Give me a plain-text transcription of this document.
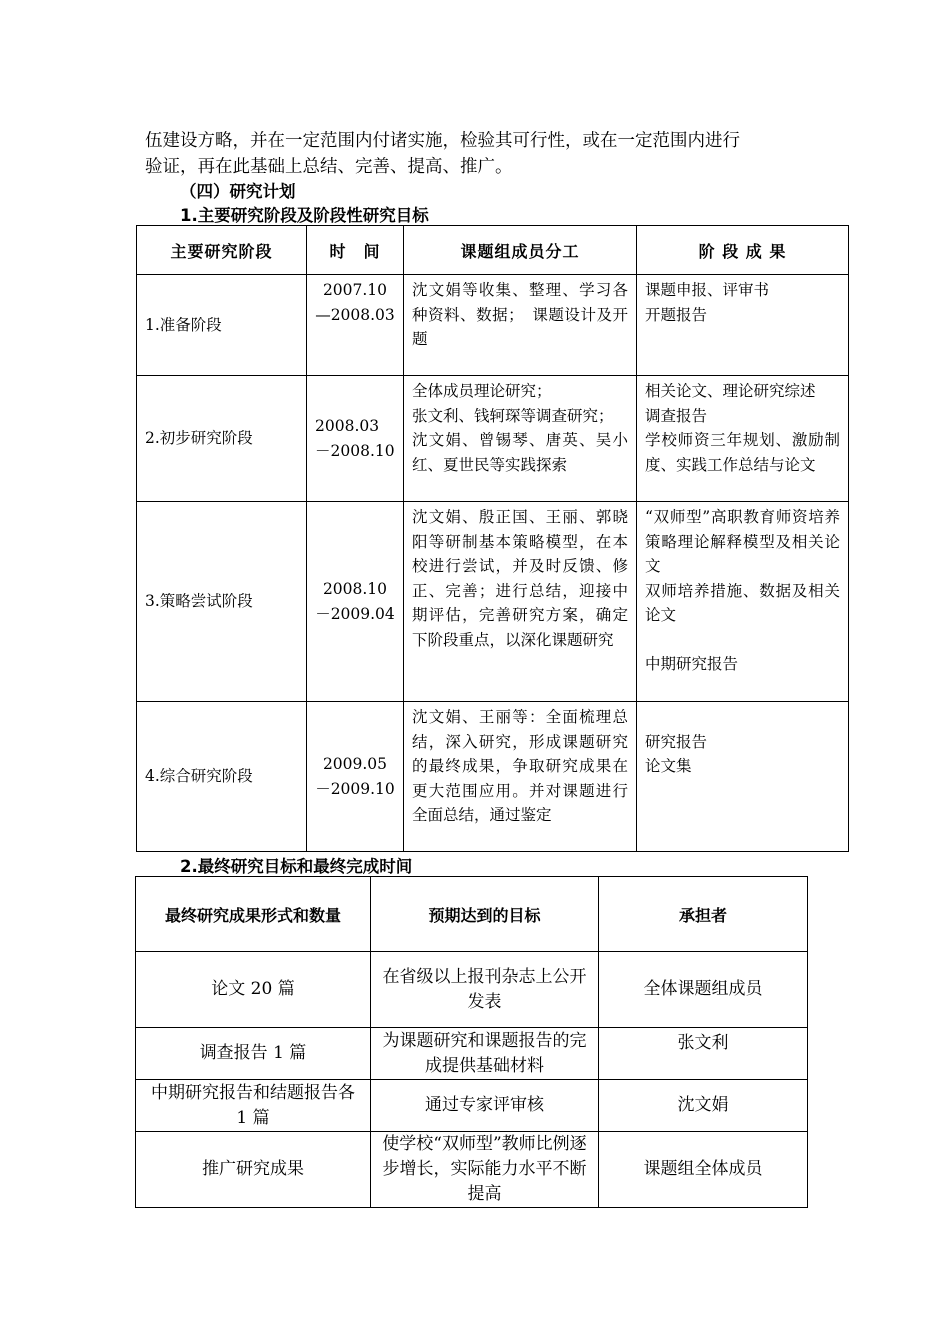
伍建设方略，并在一定范围内付诸实施，检验其可行性，或在一定范围内进行
验证，再在此基础上总结、完善、提高、推广。

（四）研究计划

1.主要研究阶段及阶段性研究目标

主要研究阶段	时　间	课题组成员分工	阶 段 成 果
1.准备阶段	2007.10
—2008.03	沈文娟等收集、整理、学习各种资料、数据；　课题设计及开题	课题申报、评审书
开题报告

2.初步研究阶段	2008.03
－2008.10	全体成员理论研究；
张文利、钱轲琛等调查研究；
沈文娟、曾锡琴、唐英、吴小红、夏世民等实践探索	相关论文、理论研究综述
调查报告
学校师资三年规划、激励制度、实践工作总结与论文

3.策略尝试阶段	2008.10
－2009.04	沈文娟、殷正国、王丽、郭晓阳等研制基本策略模型，在本校进行尝试，并及时反馈、修正、完善；进行总结，迎接中期评估，完善研究方案，确定下阶段重点，以深化课题研究	“双师型”高职教育师资培养策略理论解释模型及相关论文
双师培养措施、数据及相关论文
中期研究报告

4.综合研究阶段	2009.05
－2009.10	沈文娟、王丽等：全面梳理总结，深入研究，形成课题研究的最终成果，争取研究成果在更大范围应用。并对课题进行全面总结，通过鉴定	研究报告
论文集

2.最终研究目标和最终完成时间

最终研究成果形式和数量	预期达到的目标	承担者
论文 20 篇	在省级以上报刊杂志上公开发表	全体课题组成员
调查报告 1 篇	为课题研究和课题报告的完成提供基础材料	张文利
中期研究报告和结题报告各 1 篇	通过专家评审核	沈文娟
推广研究成果	使学校“双师型”教师比例逐步增长，实际能力水平不断提高	课题组全体成员
